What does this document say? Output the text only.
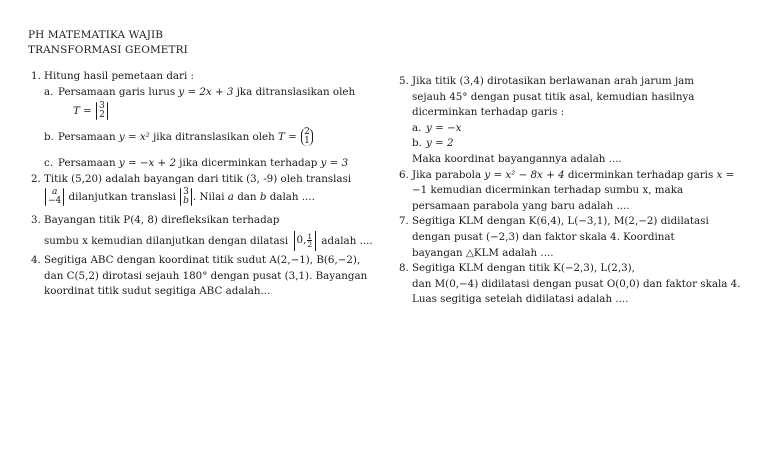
PH MATEMATIKA WAJIB
TRANSFORMASI GEOMETRI
1. Hitung hasil pemetaan dari :
a. Persamaan garis lurus y = 2x + 3 jka ditranslasikan oleh
T = 3
2
b. Persamaan y = x² jika ditranslasikan oleh T = 2
1
c. Persamaan y = −x + 2 jika dicerminkan terhadap y = 3
2. Titik (5,20) adalah bayangan dari titik (3, -9) oleh translasi
a
−4 dilanjutkan translasi 3
b . Nilai a dan b dalah ....
3. Bayangan titik P(4, 8) direfleksikan terhadap
sumbu x kemudian dilanjutkan dengan dilatasi 0, $\frac{1}{2}$ adalah ....
4. Segitiga ABC dengan koordinat titik sudut A(2,−1), B(6,−2),
dan C(5,2) dirotasi sejauh 180° dengan pusat (3,1). Bayangan
koordinat titik sudut segitiga ABC adalah...
5. Jika titik (3,4) dirotasikan berlawanan arah jarum jam
sejauh 45° dengan pusat titik asal, kemudian hasilnya
dicerminkan terhadap garis :
a. y = −x
b. y = 2
Maka koordinat bayangannya adalah ....
6. Jika parabola y = x² − 8x + 4 dicerminkan terhadap garis x =
−1 kemudian dicerminkan terhadap sumbu x, maka
persamaan parabola yang baru adalah ....
7. Segitiga KLM dengan K(6,4), L(−3,1), M(2,−2) didilatasi
dengan pusat (−2,3) dan faktor skala 4. Koordinat
bayangan △KLM adalah ....
8. Segitiga KLM dengan titik K(−2,3), L(2,3),
dan M(0,−4) didilatasi dengan pusat O(0,0) dan faktor skala 4.
Luas segitiga setelah didilatasi adalah ....
